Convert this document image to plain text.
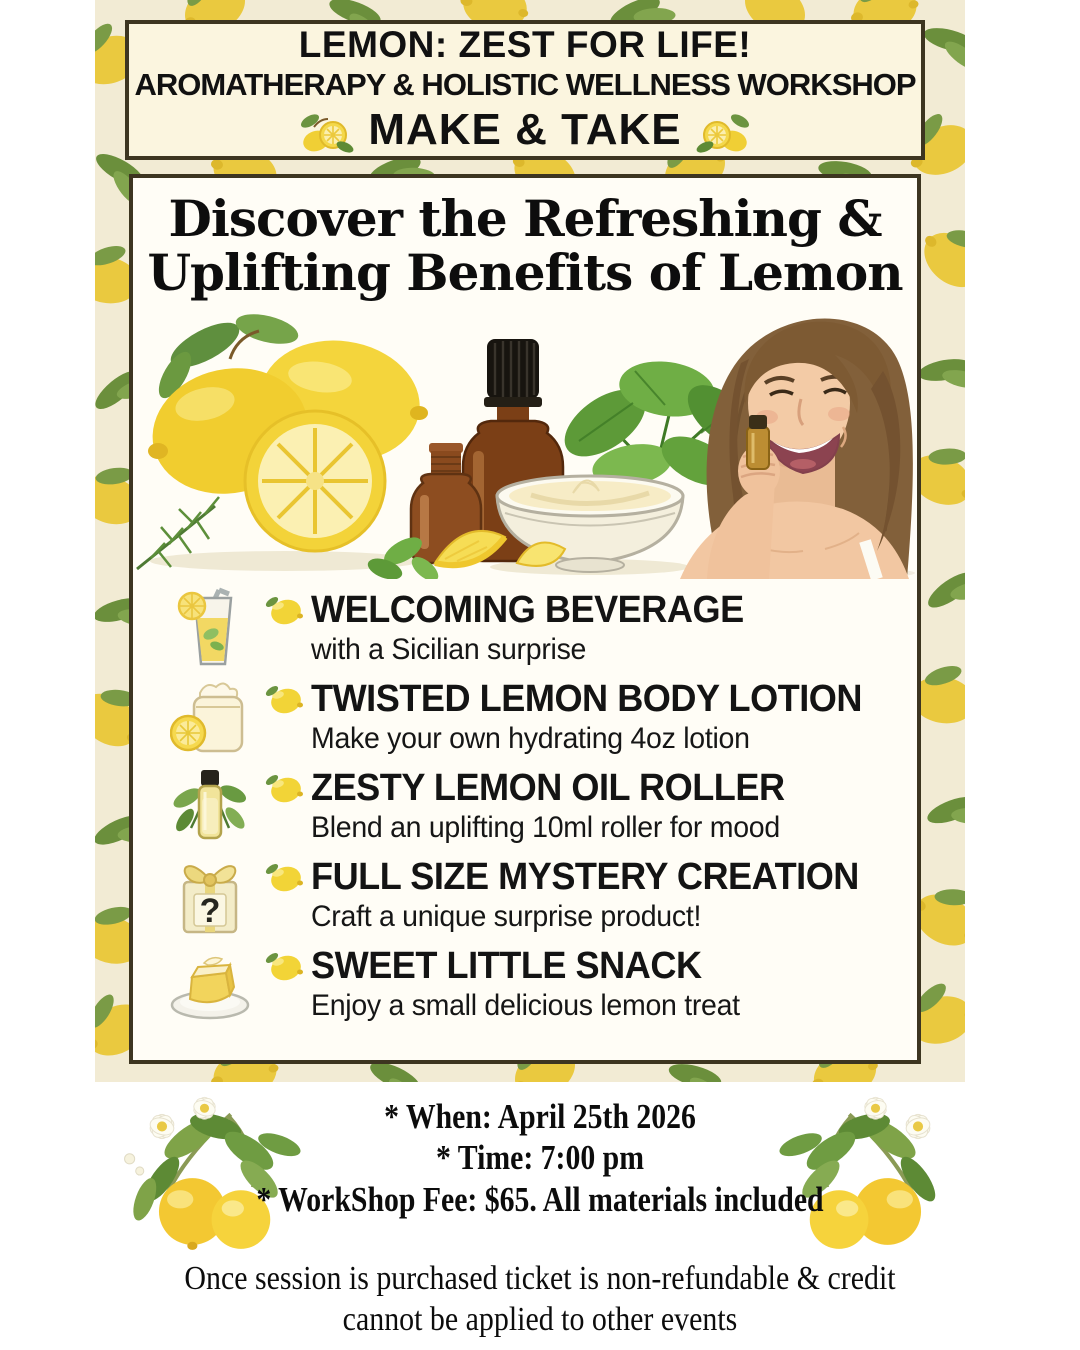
LEMON: ZEST FOR LIFE!
AROMATHERAPY & HOLISTIC WELLNESS WORKSHOP
MAKE & TAKE
Discover the Refreshing &
Uplifting Benefits of Lemon
WELCOMING BEVERAGE
with a Sicilian surprise
TWISTED LEMON BODY LOTION
Make your own hydrating 4oz lotion
ZESTY LEMON OIL ROLLER
Blend an uplifting 10ml roller for mood
?
FULL SIZE MYSTERY CREATION
Craft a unique surprise product!
SWEET LITTLE SNACK
Enjoy a small delicious lemon treat
* When: April 25th 2026
* Time: 7:00 pm
* WorkShop Fee: $65. All materials included
Once session is purchased ticket is non-refundable & credit
cannot be applied to other events
